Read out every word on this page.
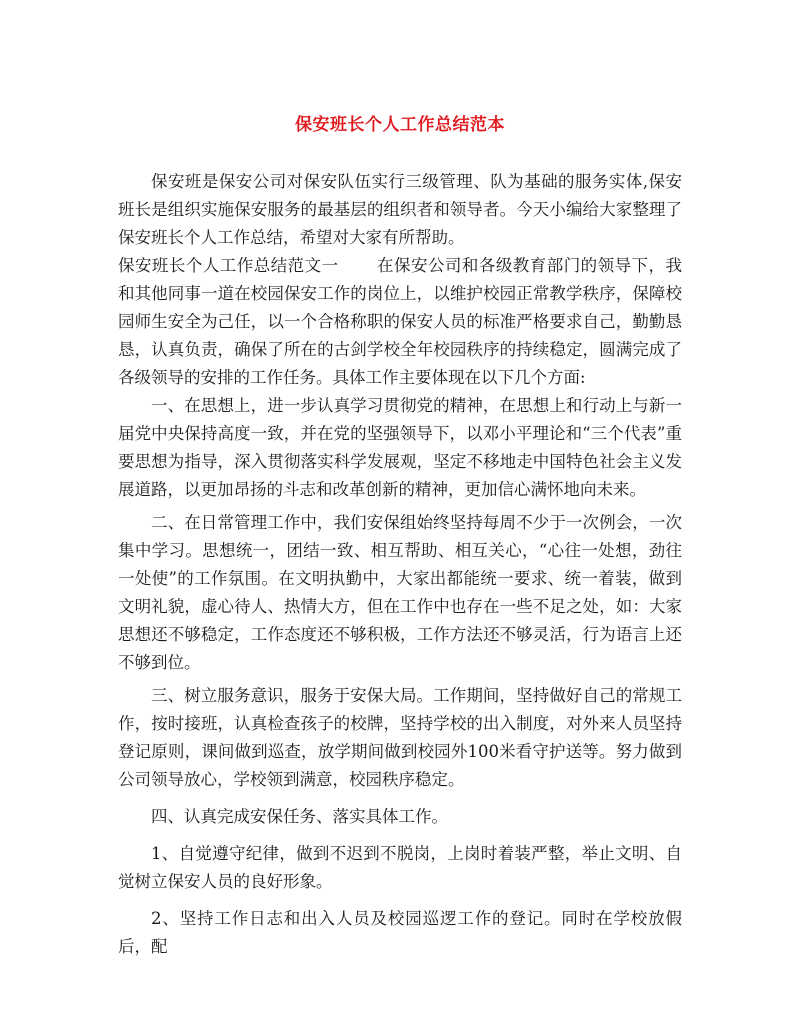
保安班长个人工作总结范本

保安班是保安公司对保安队伍实行三级管理、队为基础的服务实体,保安班长是组织实施保安服务的最基层的组织者和领导者。今天小编给大家整理了保安班长个人工作总结，希望对大家有所帮助。

保安班长个人工作总结范文一 在保安公司和各级教育部门的领导下，我和其他同事一道在校园保安工作的岗位上，以维护校园正常教学秩序，保障校园师生安全为己任，以一个合格称职的保安人员的标准严格要求自己，勤勤恳恳，认真负责，确保了所在的古剑学校全年校园秩序的持续稳定，圆满完成了各级领导的安排的工作任务。具体工作主要体现在以下几个方面:

一、在思想上，进一步认真学习贯彻党的精神，在思想上和行动上与新一届党中央保持高度一致，并在党的坚强领导下，以邓小平理论和“三个代表”重要思想为指导，深入贯彻落实科学发展观，坚定不移地走中国特色社会主义发展道路，以更加昂扬的斗志和改革创新的精神，更加信心满怀地向未来。

二、在日常管理工作中，我们安保组始终坚持每周不少于一次例会，一次集中学习。思想统一，团结一致、相互帮助、相互关心，“心往一处想，劲往一处使”的工作氛围。在文明执勤中，大家出都能统一要求、统一着装，做到文明礼貌，虚心待人、热情大方，但在工作中也存在一些不足之处，如：大家思想还不够稳定，工作态度还不够积极，工作方法还不够灵活，行为语言上还不够到位。

三、树立服务意识，服务于安保大局。工作期间，坚持做好自己的常规工作，按时接班，认真检查孩子的校牌，坚持学校的出入制度，对外来人员坚持登记原则，课间做到巡查，放学期间做到校园外100米看守护送等。努力做到公司领导放心，学校领到满意，校园秩序稳定。

四、认真完成安保任务、落实具体工作。

1、自觉遵守纪律，做到不迟到不脱岗，上岗时着装严整，举止文明、自觉树立保安人员的良好形象。

2、坚持工作日志和出入人员及校园巡逻工作的登记。同时在学校放假后，配
